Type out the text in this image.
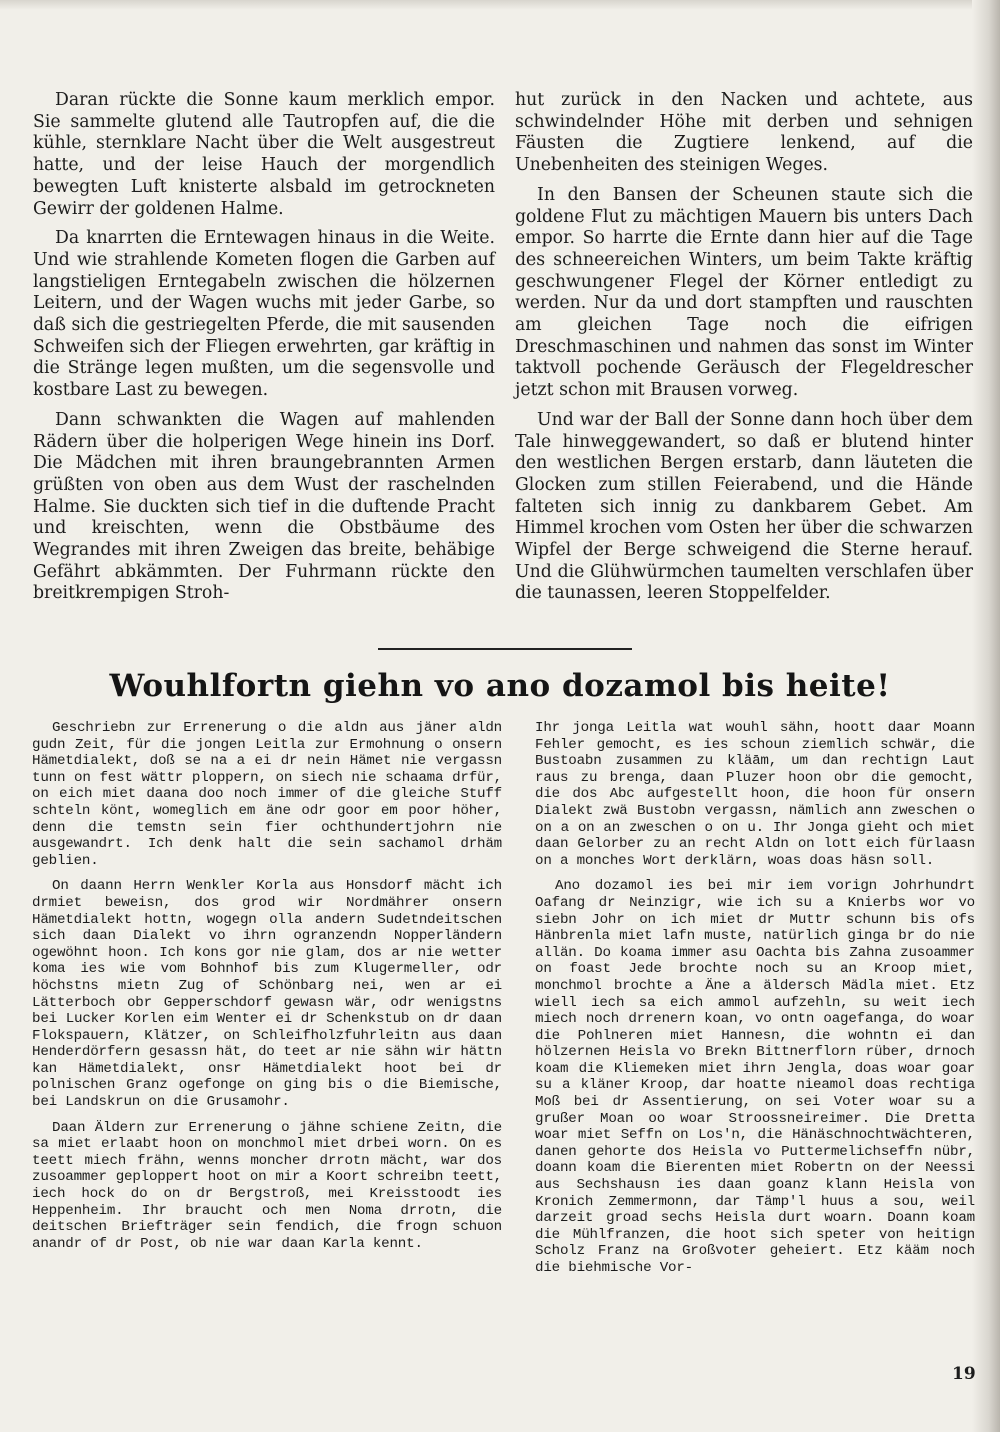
Daran rückte die Sonne kaum merklich empor. Sie sammelte glutend alle Tautropfen auf, die die kühle, sternklare Nacht über die Welt ausgestreut hatte, und der leise Hauch der morgendlich bewegten Luft knisterte alsbald im getrockneten Gewirr der goldenen Halme.

Da knarrten die Erntewagen hinaus in die Weite. Und wie strahlende Kometen flogen die Garben auf langstieligen Erntegabeln zwischen die hölzernen Leitern, und der Wagen wuchs mit jeder Garbe, so daß sich die gestriegelten Pferde, die mit sausenden Schweifen sich der Fliegen erwehrten, gar kräftig in die Stränge legen mußten, um die segensvolle und kostbare Last zu bewegen.

Dann schwankten die Wagen auf mahlenden Rädern über die holperigen Wege hinein ins Dorf. Die Mädchen mit ihren braungebrannten Armen grüßten von oben aus dem Wust der raschelnden Halme. Sie duckten sich tief in die duftende Pracht und kreischten, wenn die Obstbäume des Wegrandes mit ihren Zweigen das breite, behäbige Gefährt abkämmten. Der Fuhrmann rückte den breitkrempigen Stroh-

hut zurück in den Nacken und achtete, aus schwindelnder Höhe mit derben und sehnigen Fäusten die Zugtiere lenkend, auf die Unebenheiten des steinigen Weges.

In den Bansen der Scheunen staute sich die goldene Flut zu mächtigen Mauern bis unters Dach empor. So harrte die Ernte dann hier auf die Tage des schneereichen Winters, um beim Takte kräftig geschwungener Flegel der Körner entledigt zu werden. Nur da und dort stampften und rauschten am gleichen Tage noch die eifrigen Dreschmaschinen und nahmen das sonst im Winter taktvoll pochende Geräusch der Flegeldrescher jetzt schon mit Brausen vorweg.

Und war der Ball der Sonne dann hoch über dem Tale hinweggewandert, so daß er blutend hinter den westlichen Bergen erstarb, dann läuteten die Glocken zum stillen Feierabend, und die Hände falteten sich innig zu dankbarem Gebet. Am Himmel krochen vom Osten her über die schwarzen Wipfel der Berge schweigend die Sterne herauf. Und die Glühwürmchen taumelten verschlafen über die taunassen, leeren Stoppelfelder.

Wouhlfortn giehn vo ano dozamol bis heite!

Geschriebn zur Errenerung o die aldn aus jäner aldn gudn Zeit, für die jongen Leitla zur Ermohnung o onsern Hämetdialekt, doß se na a ei dr nein Hämet nie vergassn tunn on fest wättr ploppern, on siech nie schaama drfür, on eich miet daana doo noch immer of die gleiche Stuff schteln könt, womeglich em äne odr goor em poor höher, denn die temstn sein fier ochthundertjohrn nie ausgewandrt. Ich denk halt die sein sachamol drhäm geblien.

On daann Herrn Wenkler Korla aus Honsdorf mächt ich drmiet beweisn, dos grod wir Nordmährer onsern Hämetdialekt hottn, wogegn olla andern Sudetndeitschen sich daan Dialekt vo ihrn ogranzendn Nopperländern ogewöhnt hoon. Ich kons gor nie glam, dos ar nie wetter koma ies wie vom Bohnhof bis zum Klugermeller, odr höchstns mietn Zug of Schönbarg nei, wen ar ei Lätterboch obr Gepperschdorf gewasn wär, odr wenigstns bei Lucker Korlen eim Wenter ei dr Schenkstub on dr daan Flokspauern, Klätzer, on Schleifholzfuhrleitn aus daan Henderdörfern gesassn hät, do teet ar nie sähn wir hättn kan Hämetdialekt, onsr Hämetdialekt hoot bei dr polnischen Granz ogefonge on ging bis o die Biemische, bei Landskrun on die Grusamohr.

Daan Äldern zur Errenerung o jähne schiene Zeitn, die sa miet erlaabt hoon on monchmol miet drbei worn. On es teett miech frähn, wenns moncher drrotn mächt, war dos zusoammer geploppert hoot on mir a Koort schreibn teett, iech hock do on dr Bergstroß, mei Kreisstoodt ies Heppenheim. Ihr braucht och men Noma drrotn, die deitschen Briefträger sein fendich, die frogn schuon anandr of dr Post, ob nie war daan Karla kennt.

Ihr jonga Leitla wat wouhl sähn, hoott daar Moann Fehler gemocht, es ies schoun ziemlich schwär, die Bustoabn zusammen zu kläām, um dan rechtign Laut raus zu brenga, daan Pluzer hoon obr die gemocht, die dos Abc aufgestellt hoon, die hoon für onsern Dialekt zwä Bustobn vergassn, nämlich ann zweschen o on a on an zweschen o on u. Ihr Jonga gieht och miet daan Gelorber zu an recht Aldn on lott eich fürlaasn on a monches Wort derklärn, woas doas häsn soll.

Ano dozamol ies bei mir iem vorign Johrhundrt Oafang dr Neinzigr, wie ich su a Knierbs wor vo siebn Johr on ich miet dr Muttr schunn bis ofs Hänbrenla miet lafn muste, natürlich ginga br do nie allän. Do koama immer asu Oachta bis Zahna zusoammer on foast Jede brochte noch su an Kroop miet, monchmol brochte a Äne a äldersch Mädla miet. Etz wiell iech sa eich ammol aufzehln, su weit iech miech noch drrenern koan, vo ontn oagefanga, do woar die Pohlneren miet Hannesn, die wohntn ei dan hölzernen Heisla vo Brekn Bittnerflorn rüber, drnoch koam die Kliemeken miet ihrn Jengla, doas woar goar su a kläner Kroop, dar hoatte nieamol doas rechtiga Moß bei dr Assentierung, on sei Voter woar su a grußer Moan oo woar Stroossneireimer. Die Dretta woar miet Seffn on Los'n, die Hänäschnochtwächteren, danen gehorte dos Heisla vo Puttermelichseffn nübr, doann koam die Bierenten miet Robertn on der Neessi aus Sechshausn ies daan goanz klann Heisla von Kronich Zemmermonn, dar Tämp'l huus a sou, weil darzeit groad sechs Heisla durt woarn. Doann koam die Mühlfranzen, die hoot sich speter von heitign Scholz Franz na Großvoter geheiert. Etz kääm noch die biehmische Vor-

19
